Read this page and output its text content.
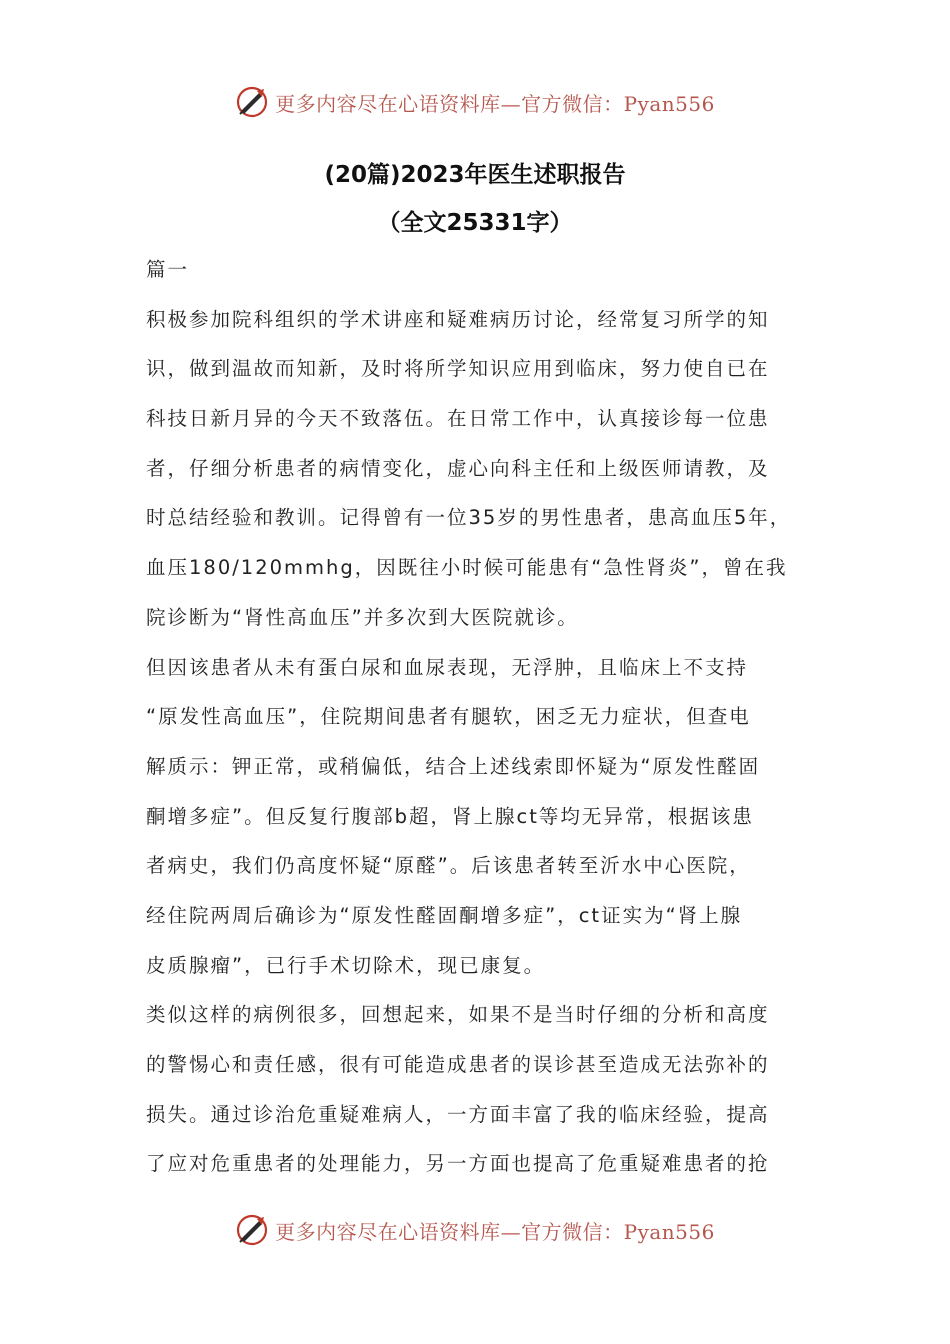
更多内容尽在心语资料库—官方微信：Pyan556
(20篇)2023年医生述职报告
（全文25331字）

篇一

积极参加院科组织的学术讲座和疑难病历讨论，经常复习所学的知

识，做到温故而知新，及时将所学知识应用到临床，努力使自已在

科技日新月异的今天不致落伍。在日常工作中，认真接诊每一位患

者，仔细分析患者的病情变化，虚心向科主任和上级医师请教，及

时总结经验和教训。记得曾有一位35岁的男性患者，患高血压5年，

血压180/120mmhg，因既往小时候可能患有“急性肾炎”，曾在我

院诊断为“肾性高血压”并多次到大医院就诊。

但因该患者从未有蛋白尿和血尿表现，无浮肿，且临床上不支持

“原发性高血压”，住院期间患者有腿软，困乏无力症状，但查电

解质示：钾正常，或稍偏低，结合上述线索即怀疑为“原发性醛固

酮增多症”。但反复行腹部b超，肾上腺ct等均无异常，根据该患

者病史，我们仍高度怀疑“原醛”。后该患者转至沂水中心医院，

经住院两周后确诊为“原发性醛固酮增多症”，ct证实为“肾上腺

皮质腺瘤”，已行手术切除术，现已康复。

类似这样的病例很多，回想起来，如果不是当时仔细的分析和高度

的警惕心和责任感，很有可能造成患者的误诊甚至造成无法弥补的

损失。通过诊治危重疑难病人，一方面丰富了我的临床经验，提高

了应对危重患者的处理能力，另一方面也提高了危重疑难患者的抢

更多内容尽在心语资料库—官方微信：Pyan556
